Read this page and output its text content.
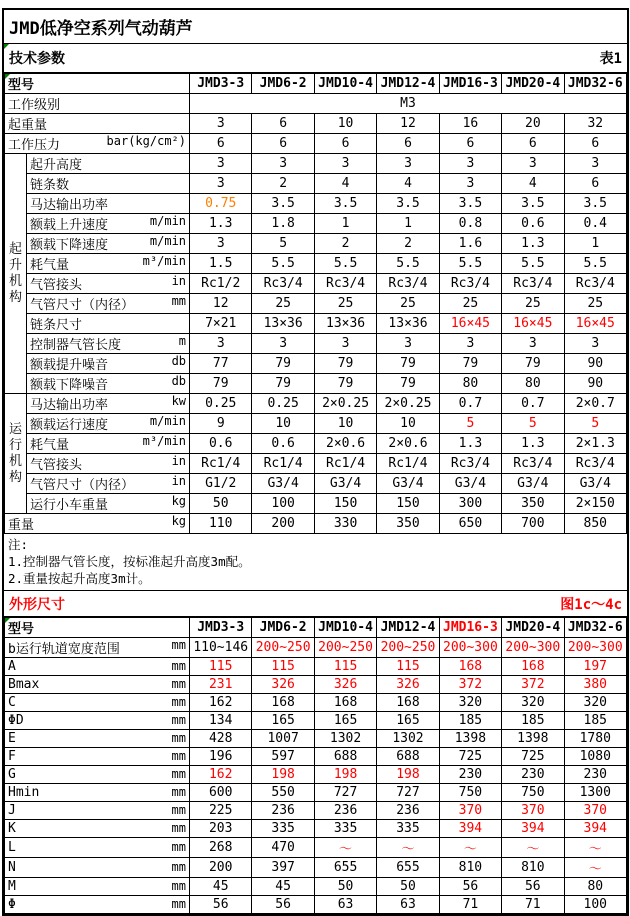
JMD低净空系列气动葫芦
技术参数	表1
型号		JMD3-3	JMD6-2	JMD10-4	JMD12-4	JMD16-3	JMD20-4	JMD32-6
工作级别		M3						
起重量		3	6	10	12	16	20	32
工作压力 bar(kg/cm²)		6	6	6	6	6	6	6

起
升
机
构	起升高度	3	3	3	3	3	3	3
	链条数	3	2	4	4	3	4	6
	马达输出功率	0.75	3.5	3.5	3.5	3.5	3.5	3.5
	额载上升速度 m/min	1.3	1.8	1	1	0.8	0.6	0.4
	额载下降速度 m/min	3	5	2	2	1.6	1.3	1
	耗气量 m³/min	1.5	5.5	5.5	5.5	5.5	5.5	5.5
	气管接头 in	Rc1/2	Rc3/4	Rc3/4	Rc3/4	Rc3/4	Rc3/4	Rc3/4
	气管尺寸（内径） mm	12	25	25	25	25	25	25
	链条尺寸	7×21	13×36	13×36	13×36	16×45	16×45	16×45
	控制器气管长度 m	3	3	3	3	3	3	3
	额载提升噪音 db	77	79	79	79	79	79	90
	额载下降噪音 db	79	79	79	79	80	80	90

运
行
机
构	马达输出功率 kw	0.25	0.25	2×0.25	2×0.25	0.7	0.7	2×0.7
	额载运行速度 m/min	9	10	10	10	5	5	5
	耗气量 m³/min	0.6	0.6	2×0.6	2×0.6	1.3	1.3	2×1.3
	气管接头 in	Rc1/4	Rc1/4	Rc1/4	Rc1/4	Rc3/4	Rc3/4	Rc3/4
	气管尺寸（内径） in	G1/2	G3/4	G3/4	G3/4	G3/4	G3/4	G3/4
	运行小车重量 kg	50	100	150	150	300	350	2×150
重量 kg		110	200	330	350	650	700	850
注:
1.控制器气管长度，按标准起升高度3m配。
2.重量按起升高度3m计。
外形尺寸	图1c～4c
型号	JMD3-3	JMD6-2	JMD10-4	JMD12-4	JMD16-3	JMD20-4	JMD32-6
b运行轨道宽度范围 mm	110~146	200~250	200~250	200~250	200~300	200~300	200~300
A mm	115	115	115	115	168	168	197
Bmax mm	231	326	326	326	372	372	380
C mm	162	168	168	168	320	320	320
ΦD mm	134	165	165	165	185	185	185
E mm	428	1007	1302	1302	1398	1398	1780
F mm	196	597	688	688	725	725	1080
G mm	162	198	198	198	230	230	230
Hmin mm	600	550	727	727	750	750	1300
J mm	225	236	236	236	370	370	370
K mm	203	335	335	335	394	394	394
L mm	268	470	～	～	～	～	～
N mm	200	397	655	655	810	810	～
M mm	45	45	50	50	56	56	80
Φ mm	56	56	63	63	71	71	100
